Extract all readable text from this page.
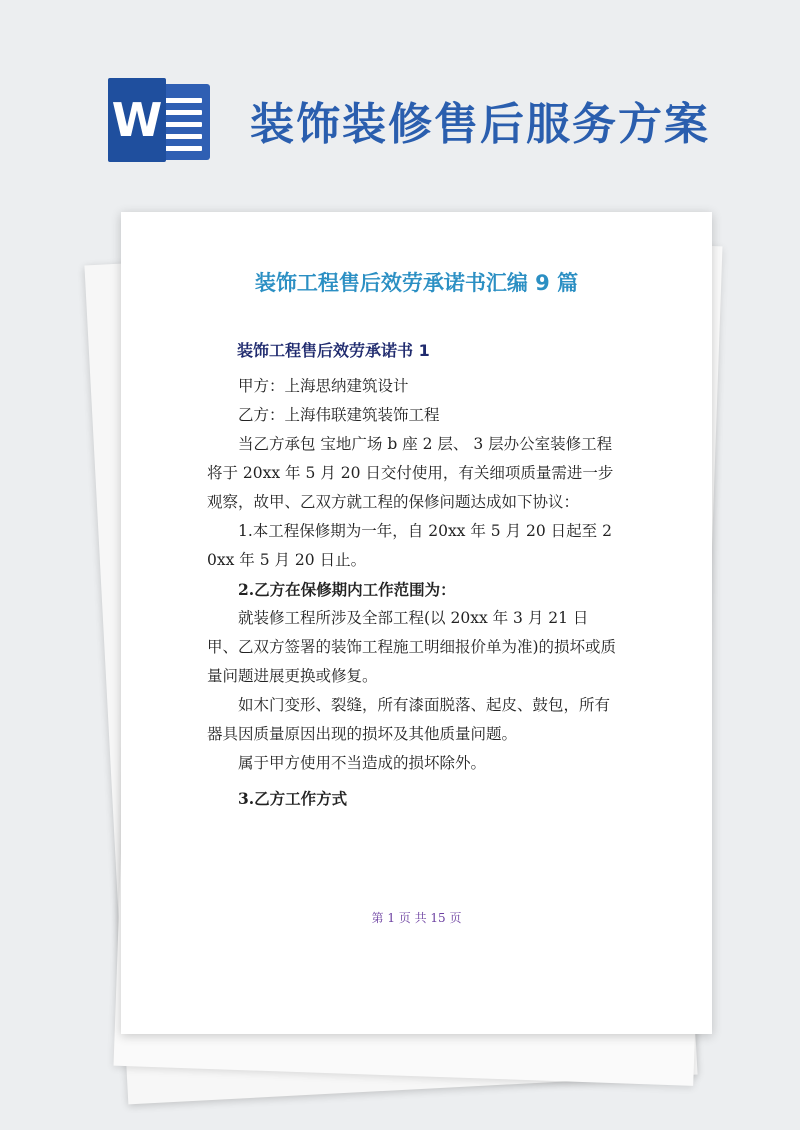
W 装饰装修售后服务方案
装饰工程售后效劳承诺书汇编 9 篇
装饰工程售后效劳承诺书 1

甲方：上海思纳建筑设计

乙方：上海伟联建筑装饰工程

当乙方承包 宝地广场 b 座 2 层、 3 层办公室装修工程 将于 20xx 年 5 月 20 日交付使用，有关细项质量需进一步观察，故甲、乙双方就工程的保修问题达成如下协议：

1.本工程保修期为一年，自 20xx 年 5 月 20 日起至 20xx 年 5 月 20 日止。

2.乙方在保修期内工作范围为：

就装修工程所涉及全部工程(以 20xx 年 3 月 21 日甲、乙双方签署的装饰工程施工明细报价单为准)的损坏或质量问题进展更换或修复。

如木门变形、裂缝，所有漆面脱落、起皮、鼓包，所有器具因质量原因出现的损坏及其他质量问题。

属于甲方使用不当造成的损坏除外。

3.乙方工作方式

第 1 页 共 15 页
